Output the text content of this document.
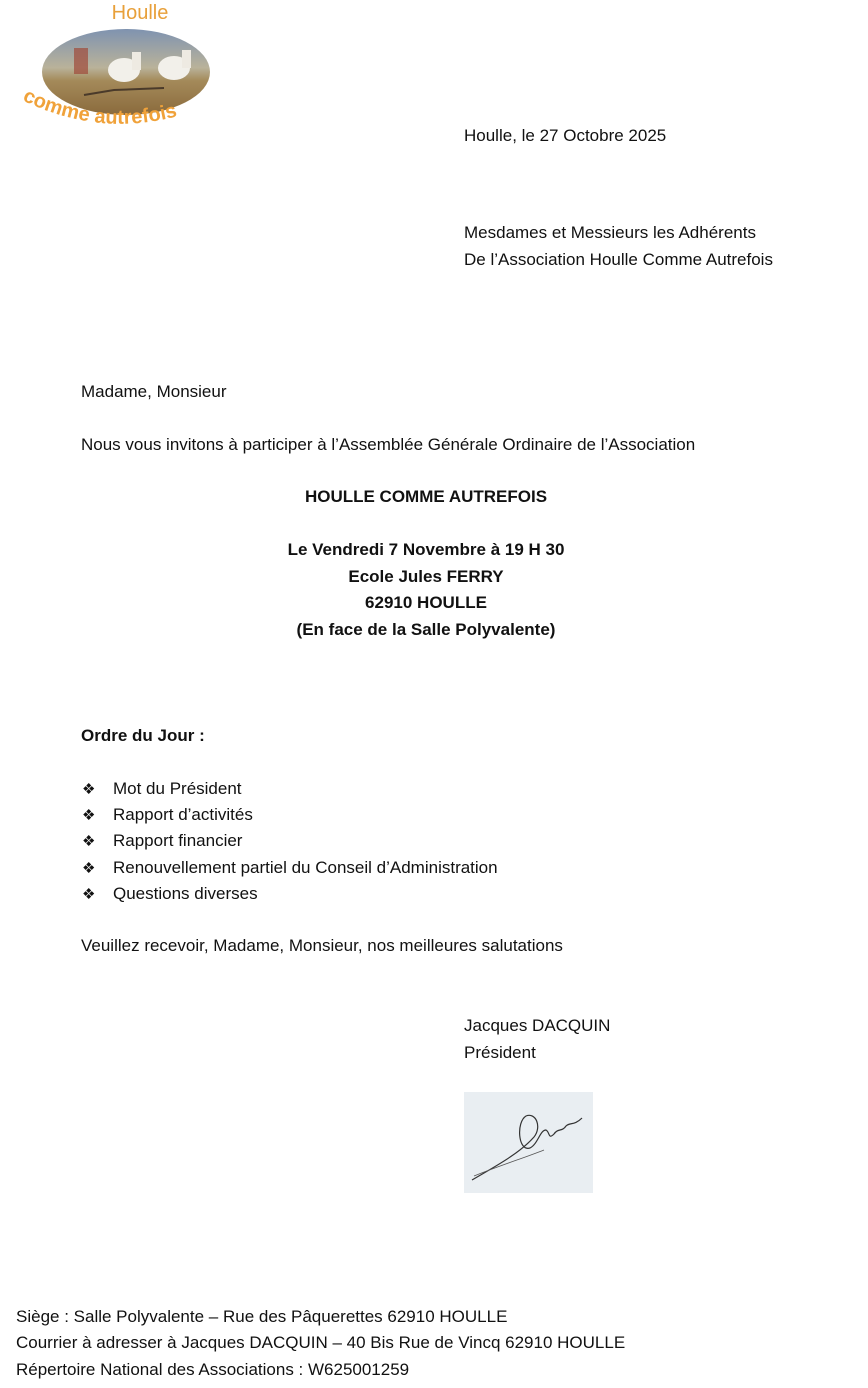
Houlle
comme autrefois
Houlle, le 27 Octobre 2025
Mesdames et Messieurs les Adhérents
De l’Association Houlle Comme Autrefois
Madame, Monsieur
Nous vous invitons à participer à l’Assemblée Générale Ordinaire de l’Association
HOULLE COMME AUTREFOIS
Le Vendredi 7 Novembre à 19 H 30
Ecole Jules FERRY
62910 HOULLE
(En face de la Salle Polyvalente)
Ordre du Jour :
❖ Mot du Président
❖ Rapport d’activités
❖ Rapport financier
❖ Renouvellement partiel du Conseil d’Administration
❖ Questions diverses
Veuillez recevoir, Madame, Monsieur, nos meilleures salutations
Jacques DACQUIN
Président
Siège : Salle Polyvalente – Rue des Pâquerettes 62910 HOULLE
Courrier à adresser à Jacques DACQUIN – 40 Bis Rue de Vincq 62910 HOULLE
Répertoire National des Associations : W625001259
